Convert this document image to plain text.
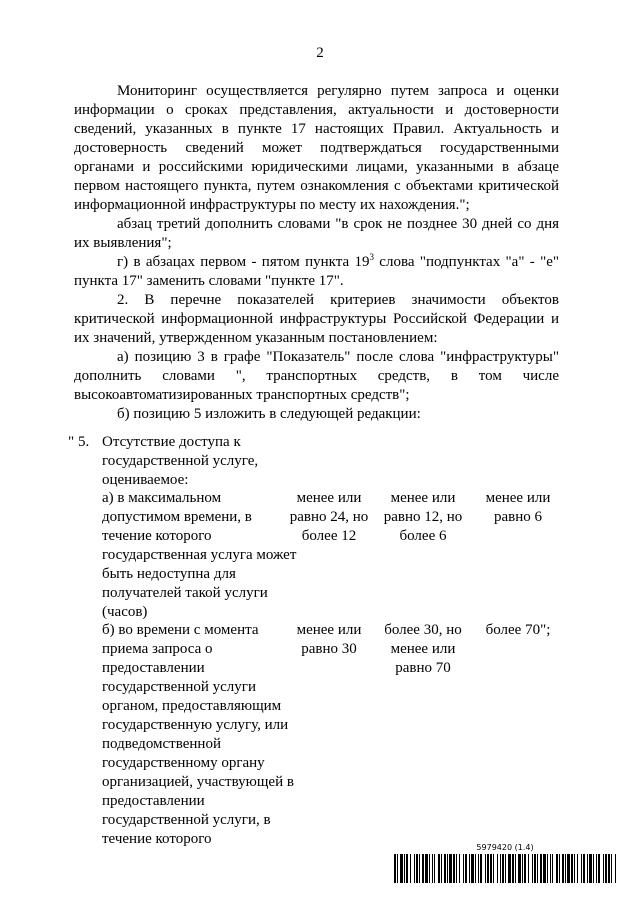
2

Мониторинг осуществляется регулярно путем запроса и оценки информации о сроках представления, актуальности и достоверности сведений, указанных в пункте 17 настоящих Правил. Актуальность и достоверность сведений может подтверждаться государственными органами и российскими юридическими лицами, указанными в абзаце первом настоящего пункта, путем ознакомления с объектами критической информационной инфраструктуры по месту их нахождения.";

абзац третий дополнить словами "в срок не позднее 30 дней со дня их выявления";

г) в абзацах первом - пятом пункта $19^3$ слова "подпунктах "а" - "е" пункта 17" заменить словами "пункте 17".

2. В перечне показателей критериев значимости объектов критической информационной инфраструктуры Российской Федерации и их значений, утвержденном указанным постановлением:

а) позицию 3 в графе "Показатель" после слова "инфраструктуры" дополнить словами ", транспортных средств, в том числе высокоавтоматизированных транспортных средств";

б) позицию 5 изложить в следующей редакции:

" 5. Отсутствие доступа к государственной услуге, оцениваемое:
а) в максимальном допустимом времени, в течение которого государственная услуга может быть недоступна для получателей такой услуги (часов)
менее или равно 24, но более 12
менее или равно 12, но более 6
менее или равно 6
б) во времени с момента приема запроса о предоставлении государственной услуги органом, предоставляющим государственную услугу, или подведомственной государственному органу организацией, участвующей в предоставлении государственной услуги, в течение которого
менее или равно 30
более 30, но менее или равно 70
более 70";
5979420 (1.4)
